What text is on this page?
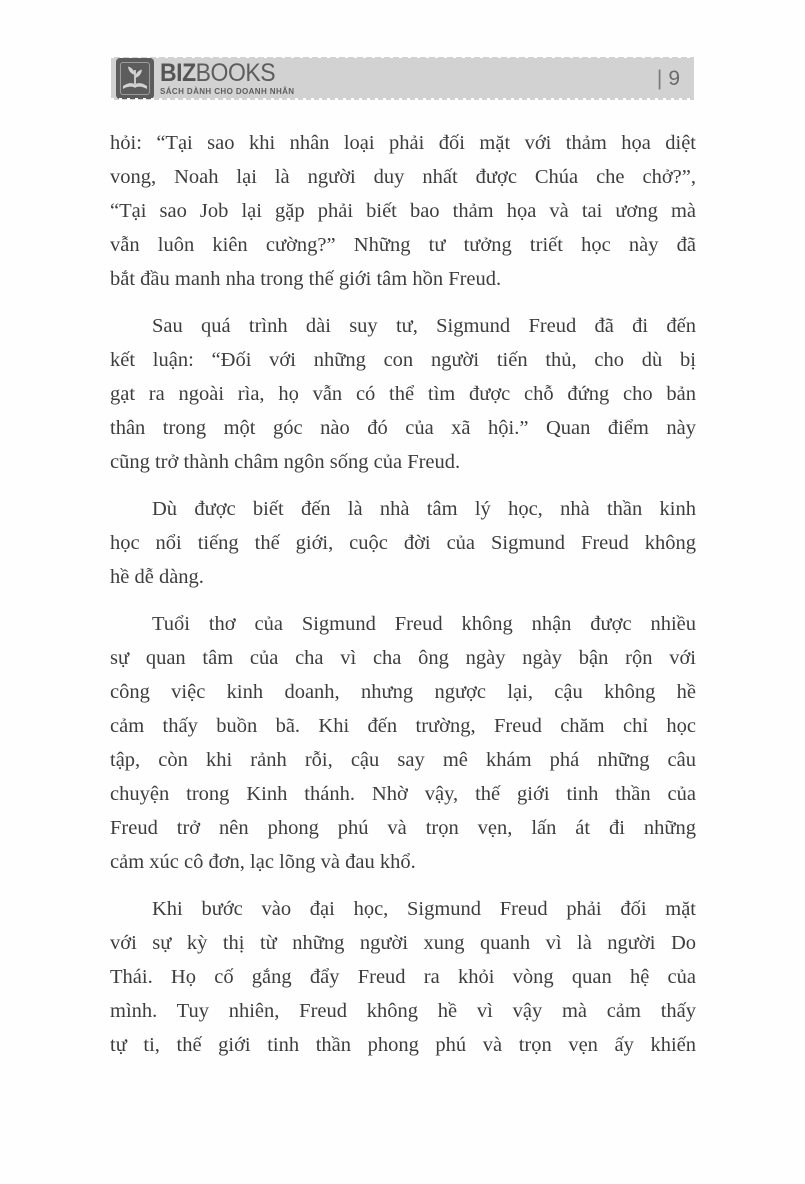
BIZBOOKS
SÁCH DÀNH CHO DOANH NHÂN
| 9
hỏi: “Tại sao khi nhân loại phải đối mặt với thảm họa diệt
vong, Noah lại là người duy nhất được Chúa che chở?”,
“Tại sao Job lại gặp phải biết bao thảm họa và tai ương mà
vẫn luôn kiên cường?” Những tư tưởng triết học này đã
bắt đầu manh nha trong thế giới tâm hồn Freud.
Sau quá trình dài suy tư, Sigmund Freud đã đi đến
kết luận: “Đối với những con người tiến thủ, cho dù bị
gạt ra ngoài rìa, họ vẫn có thể tìm được chỗ đứng cho bản
thân trong một góc nào đó của xã hội.” Quan điểm này
cũng trở thành châm ngôn sống của Freud.
Dù được biết đến là nhà tâm lý học, nhà thần kinh
học nổi tiếng thế giới, cuộc đời của Sigmund Freud không
hề dễ dàng.
Tuổi thơ của Sigmund Freud không nhận được nhiều
sự quan tâm của cha vì cha ông ngày ngày bận rộn với
công việc kinh doanh, nhưng ngược lại, cậu không hề
cảm thấy buồn bã. Khi đến trường, Freud chăm chỉ học
tập, còn khi rảnh rỗi, cậu say mê khám phá những câu
chuyện trong Kinh thánh. Nhờ vậy, thế giới tinh thần của
Freud trở nên phong phú và trọn vẹn, lấn át đi những
cảm xúc cô đơn, lạc lõng và đau khổ.
Khi bước vào đại học, Sigmund Freud phải đối mặt
với sự kỳ thị từ những người xung quanh vì là người Do
Thái. Họ cố gắng đẩy Freud ra khỏi vòng quan hệ của
mình. Tuy nhiên, Freud không hề vì vậy mà cảm thấy
tự ti, thế giới tinh thần phong phú và trọn vẹn ấy khiến
